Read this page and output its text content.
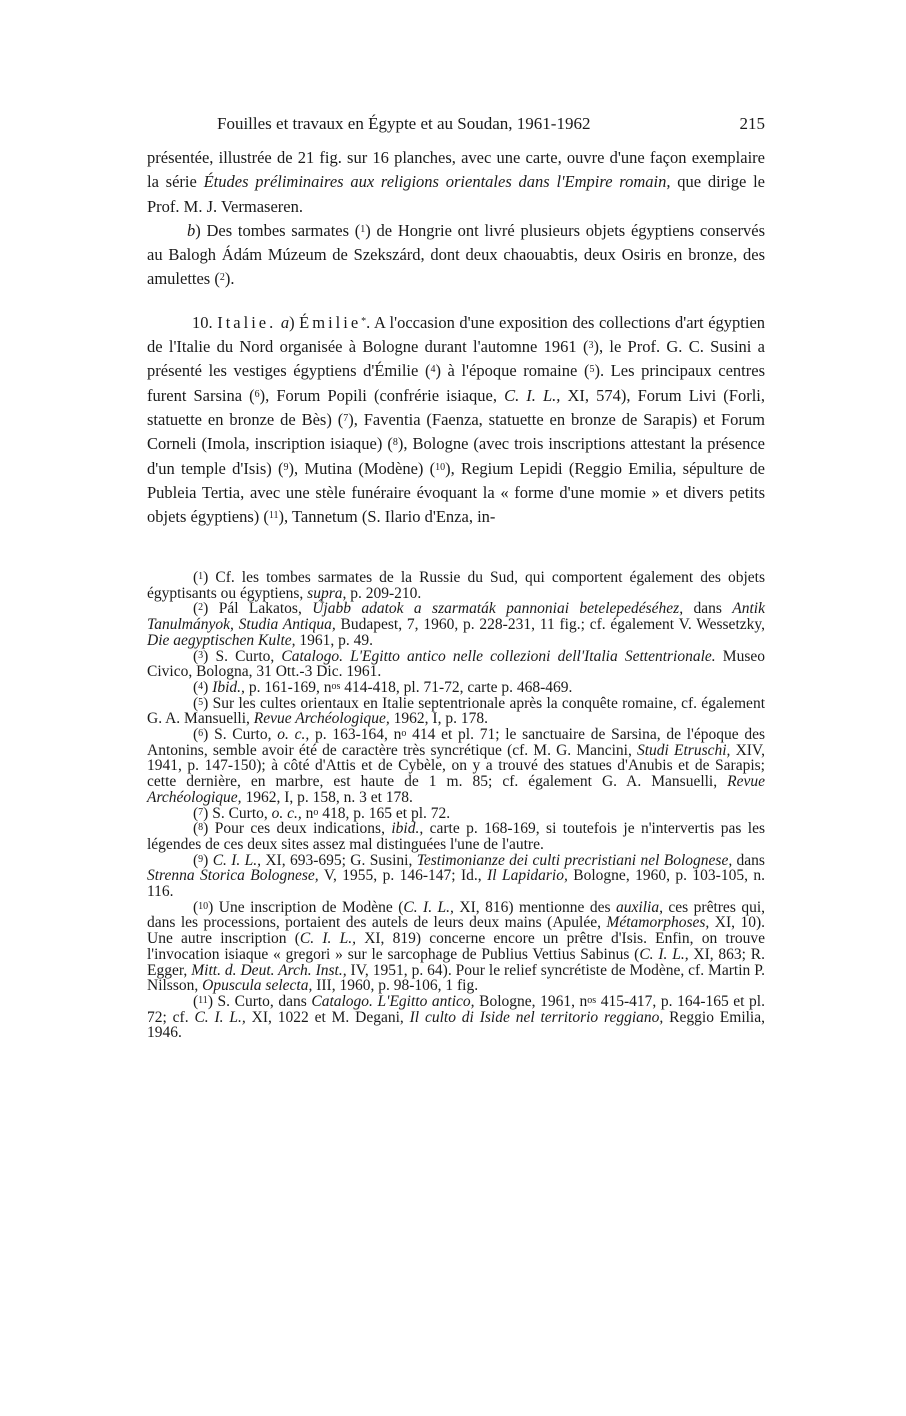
Fouilles et travaux en Égypte et au Soudan, 1961-1962	215

présentée, illustrée de 21 fig. sur 16 planches, avec une carte, ouvre d'une façon exemplaire la série Études préliminaires aux religions orientales dans l'Empire romain, que dirige le Prof. M. J. Vermaseren.

b) Des tombes sarmates ($^1$) de Hongrie ont livré plusieurs objets égyptiens conservés au Balogh Ádám Múzeum de Szekszárd, dont deux chaouabtis, deux Osiris en bronze, des amulettes ($^2$).

10. Italie. a) Émilie*. A l'occasion d'une exposition des collections d'art égyptien de l'Italie du Nord organisée à Bologne durant l'automne 1961 ($^3$), le Prof. G. C. Susini a présenté les vestiges égyptiens d'Émilie ($^4$) à l'époque romaine ($^5$). Les principaux centres furent Sarsina ($^6$), Forum Popili (confrérie isiaque, C. I. L., XI, 574), Forum Livi (Forli, statuette en bronze de Bès) ($^7$), Faventia (Faenza, statuette en bronze de Sarapis) et Forum Corneli (Imola, inscription isiaque) ($^8$), Bologne (avec trois inscriptions attestant la présence d'un temple d'Isis) ($^9$), Mutina (Modène) ($^{10}$), Regium Lepidi (Reggio Emilia, sépulture de Publeia Tertia, avec une stèle funéraire évoquant la « forme d'une momie » et divers petits objets égyptiens) ($^{11}$), Tannetum (S. Ilario d'Enza, in-

($^1$) Cf. les tombes sarmates de la Russie du Sud, qui comportent également des objets égyptisants ou égyptiens, supra, p. 209-210.

($^2$) Pál Lakatos, Újabb adatok a szarmaták pannoniai betelepedéséhez, dans Antik Tanulmányok, Studia Antiqua, Budapest, 7, 1960, p. 228-231, 11 fig.; cf. également V. Wessetzky, Die aegyptischen Kulte, 1961, p. 49.

($^3$) S. Curto, Catalogo. L'Egitto antico nelle collezioni dell'Italia Settentrionale. Museo Civico, Bologna, 31 Ott.-3 Dic. 1961.

($^4$) Ibid., p. 161-169, $n^{os}$ 414-418, pl. 71-72, carte p. 468-469.

($^5$) Sur les cultes orientaux en Italie septentrionale après la conquête romaine, cf. également G. A. Mansuelli, Revue Archéologique, 1962, I, p. 178.

($^6$) S. Curto, o. c., p. 163-164, $n^o$ 414 et pl. 71; le sanctuaire de Sarsina, de l'époque des Antonins, semble avoir été de caractère très syncrétique (cf. M. G. Mancini, Studi Etruschi, XIV, 1941, p. 147-150); à côté d'Attis et de Cybèle, on y a trouvé des statues d'Anubis et de Sarapis; cette dernière, en marbre, est haute de 1 m. 85; cf. également G. A. Mansuelli, Revue Archéologique, 1962, I, p. 158, n. 3 et 178.

($^7$) S. Curto, o. c., $n^o$ 418, p. 165 et pl. 72.

($^8$) Pour ces deux indications, ibid., carte p. 168-169, si toutefois je n'intervertis pas les légendes de ces deux sites assez mal distinguées l'une de l'autre.

($^9$) C. I. L., XI, 693-695; G. Susini, Testimonianze dei culti precristiani nel Bolognese, dans Strenna Storica Bolognese, V, 1955, p. 146-147; Id., Il Lapidario, Bologne, 1960, p. 103-105, n. 116.

($^{10}$) Une inscription de Modène (C. I. L., XI, 816) mentionne des auxilia, ces prêtres qui, dans les processions, portaient des autels de leurs deux mains (Apulée, Métamorphoses, XI, 10). Une autre inscription (C. I. L., XI, 819) concerne encore un prêtre d'Isis. Enfin, on trouve l'invocation isiaque « gregori » sur le sarcophage de Publius Vettius Sabinus (C. I. L., XI, 863; R. Egger, Mitt. d. Deut. Arch. Inst., IV, 1951, p. 64). Pour le relief syncrétiste de Modène, cf. Martin P. Nilsson, Opuscula selecta, III, 1960, p. 98-106, 1 fig.

($^{11}$) S. Curto, dans Catalogo. L'Egitto antico, Bologne, 1961, $n^{os}$ 415-417, p. 164-165 et pl. 72; cf. C. I. L., XI, 1022 et M. Degani, Il culto di Iside nel territorio reggiano, Reggio Emilia, 1946.
